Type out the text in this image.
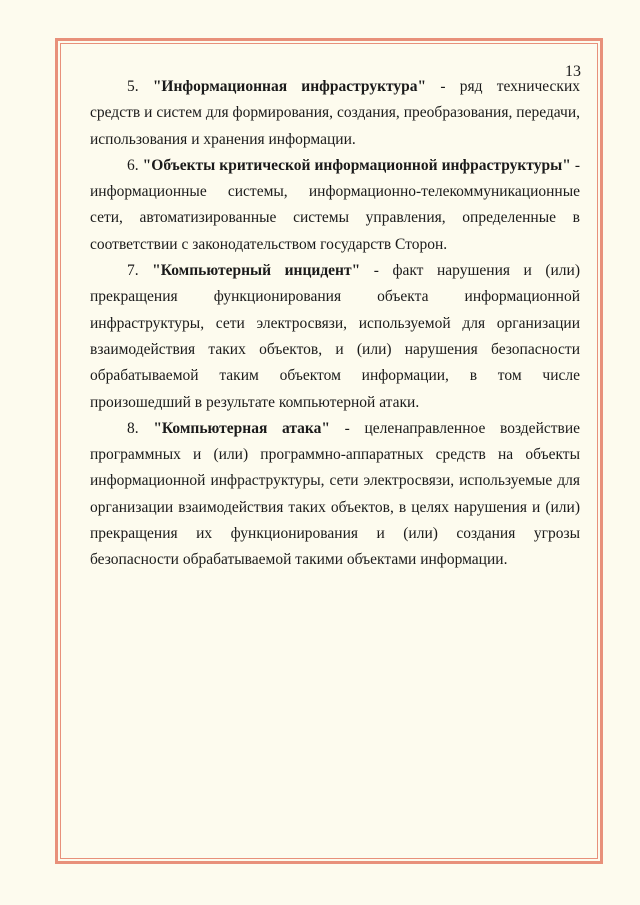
13

5. "Информационная инфраструктура" - ряд технических средств и систем для формирования, создания, преобразования, передачи, использования и хранения информации.

6. "Объекты критической информационной инфраструктуры" - информационные системы, информационно-телекоммуникационные сети, автоматизированные системы управления, определенные в соответствии с законодательством государств Сторон.

7. "Компьютерный инцидент" - факт нарушения и (или) прекращения функционирования объекта информационной инфраструктуры, сети электросвязи, используемой для организации взаимодействия таких объектов, и (или) нарушения безопасности обрабатываемой таким объектом информации, в том числе произошедший в результате компьютерной атаки.

8. "Компьютерная атака" - целенаправленное воздействие программных и (или) программно-аппаратных средств на объекты информационной инфраструктуры, сети электросвязи, используемые для организации взаимодействия таких объектов, в целях нарушения и (или) прекращения их функционирования и (или) создания угрозы безопасности обрабатываемой такими объектами информации.
